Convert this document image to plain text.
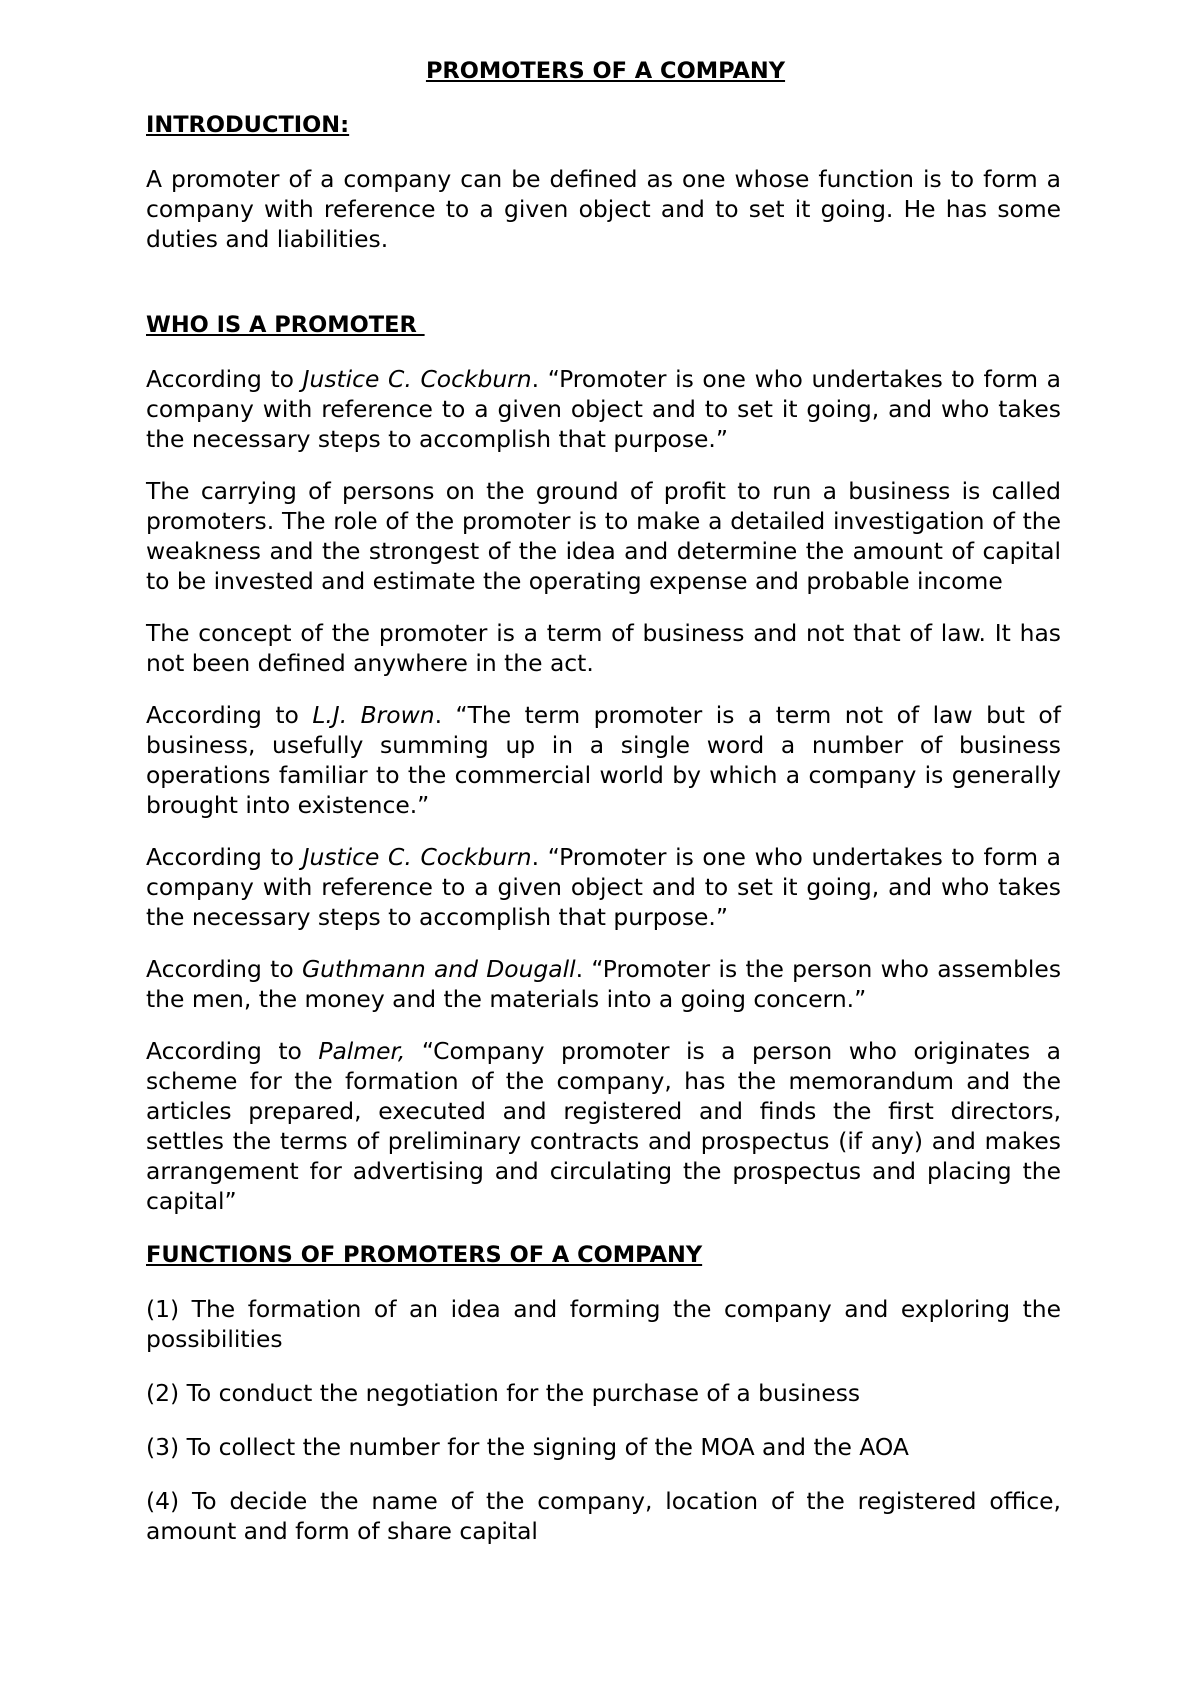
PROMOTERS OF A COMPANY
INTRODUCTION:

A promoter of a company can be defined as one whose function is to form a company with reference to a given object and to set it going. He has some duties and liabilities.

WHO IS A PROMOTER

According to Justice C. Cockburn. “Promoter is one who undertakes to form a company with reference to a given object and to set it going, and who takes the necessary steps to accomplish that purpose.”

The carrying of persons on the ground of profit to run a business is called promoters. The role of the promoter is to make a detailed investigation of the weakness and the strongest of the idea and determine the amount of capital to be invested and estimate the operating expense and probable income

The concept of the promoter is a term of business and not that of law. It has not been defined anywhere in the act.

According to L.J. Brown. “The term promoter is a term not of law but of business, usefully summing up in a single word a number of business operations familiar to the commercial world by which a company is generally brought into existence.”

According to Justice C. Cockburn. “Promoter is one who undertakes to form a company with reference to a given object and to set it going, and who takes the necessary steps to accomplish that purpose.”

According to Guthmann and Dougall. “Promoter is the person who assembles the men, the money and the materials into a going concern.”

According to Palmer, “Company promoter is a person who originates a scheme for the formation of the company, has the memorandum and the articles prepared, executed and registered and finds the first directors, settles the terms of preliminary contracts and prospectus (if any) and makes arrangement for advertising and circulating the prospectus and placing the capital”

FUNCTIONS OF PROMOTERS OF A COMPANY

(1) The formation of an idea and forming the company and exploring the possibilities

(2) To conduct the negotiation for the purchase of a business

(3) To collect the number for the signing of the MOA and the AOA

(4) To decide the name of the company, location of the registered office, amount and form of share capital
